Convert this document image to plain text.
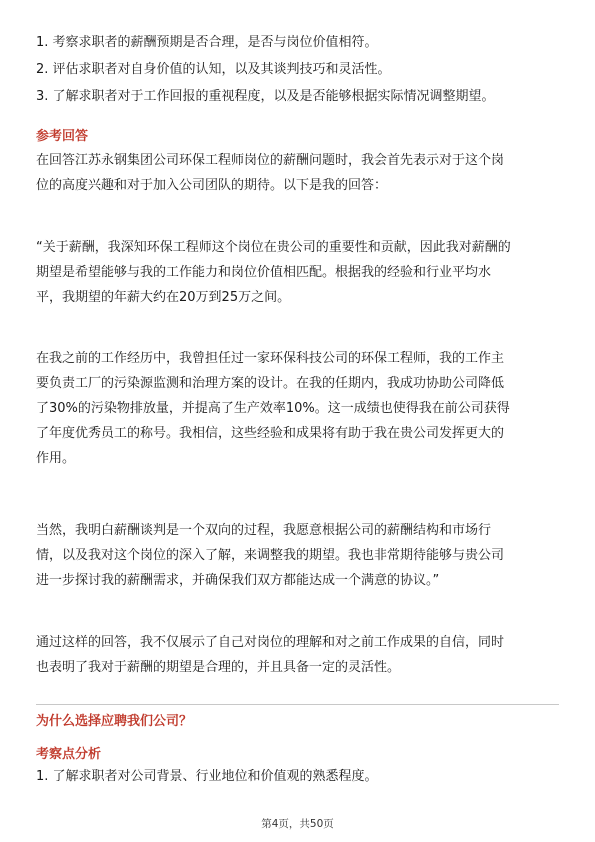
1. 考察求职者的薪酬预期是否合理，是否与岗位价值相符。
2. 评估求职者对自身价值的认知，以及其谈判技巧和灵活性。
3. 了解求职者对于工作回报的重视程度，以及是否能够根据实际情况调整期望。
参考回答

在回答江苏永钢集团公司环保工程师岗位的薪酬问题时，我会首先表示对于这个岗

位的高度兴趣和对于加入公司团队的期待。以下是我的回答：

“关于薪酬，我深知环保工程师这个岗位在贵公司的重要性和贡献，因此我对薪酬的

期望是希望能够与我的工作能力和岗位价值相匹配。根据我的经验和行业平均水

平，我期望的年薪大约在20万到25万之间。

在我之前的工作经历中，我曾担任过一家环保科技公司的环保工程师，我的工作主

要负责工厂的污染源监测和治理方案的设计。在我的任期内，我成功协助公司降低

了30%的污染物排放量，并提高了生产效率10%。这一成绩也使得我在前公司获得

了年度优秀员工的称号。我相信，这些经验和成果将有助于我在贵公司发挥更大的

作用。

当然，我明白薪酬谈判是一个双向的过程，我愿意根据公司的薪酬结构和市场行

情，以及我对这个岗位的深入了解，来调整我的期望。我也非常期待能够与贵公司

进一步探讨我的薪酬需求，并确保我们双方都能达成一个满意的协议。”

通过这样的回答，我不仅展示了自己对岗位的理解和对之前工作成果的自信，同时

也表明了我对于薪酬的期望是合理的，并且具备一定的灵活性。

为什么选择应聘我们公司？
考察点分析
1. 了解求职者对公司背景、行业地位和价值观的熟悉程度。
第4页，共50页
